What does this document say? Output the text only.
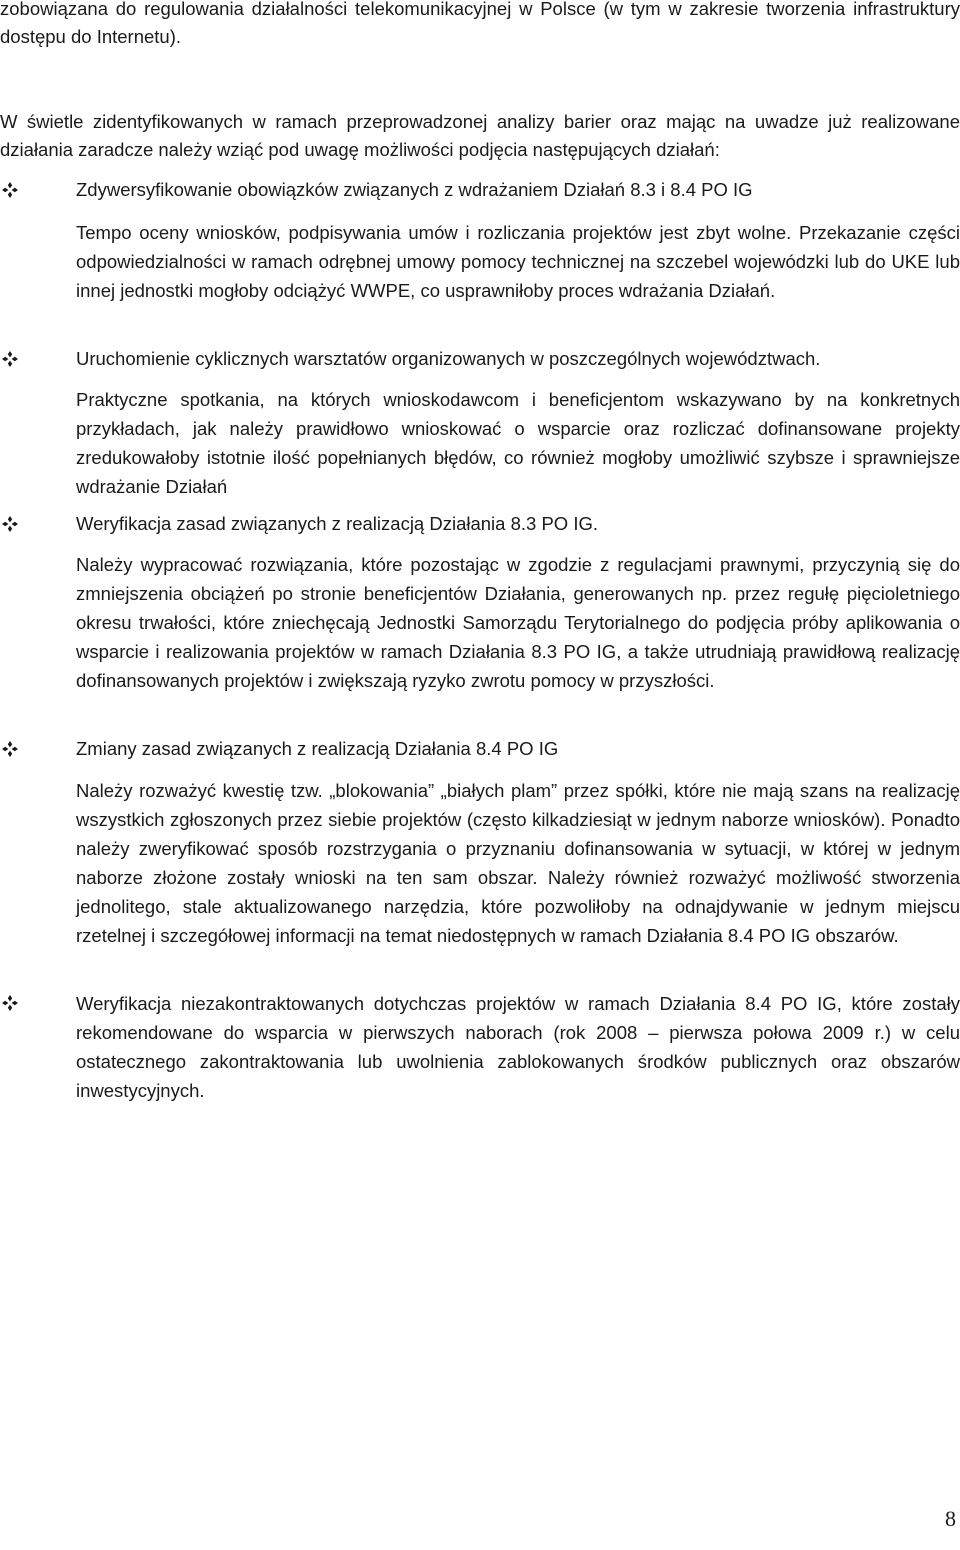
zobowiązana do regulowania działalności telekomunikacyjnej w Polsce (w tym w zakresie tworzenia infrastruktury dostępu do Internetu).

W świetle zidentyfikowanych w ramach przeprowadzonej analizy barier oraz mając na uwadze już realizowane działania zaradcze należy wziąć pod uwagę możliwości podjęcia następujących działań:

Zdywersyfikowanie obowiązków związanych z wdrażaniem Działań 8.3 i 8.4 PO IG

Tempo oceny wniosków, podpisywania umów i rozliczania projektów jest zbyt wolne. Przekazanie części odpowiedzialności w ramach odrębnej umowy pomocy technicznej na szczebel wojewódzki lub do UKE lub innej jednostki mogłoby odciążyć WWPE, co usprawniłoby proces wdrażania Działań.

Uruchomienie cyklicznych warsztatów organizowanych w poszczególnych województwach.

Praktyczne spotkania, na których wnioskodawcom i beneficjentom wskazywano by na konkretnych przykładach, jak należy prawidłowo wnioskować o wsparcie oraz rozliczać dofinansowane projekty zredukowałoby istotnie ilość popełnianych błędów, co również mogłoby umożliwić szybsze i sprawniejsze wdrażanie Działań

Weryfikacja zasad związanych z realizacją Działania 8.3 PO IG.

Należy wypracować rozwiązania, które pozostając w zgodzie z regulacjami prawnymi, przyczynią się do zmniejszenia obciążeń po stronie beneficjentów Działania, generowanych np. przez regułę pięcioletniego okresu trwałości, które zniechęcają Jednostki Samorządu Terytorialnego do podjęcia próby aplikowania o wsparcie i realizowania projektów w ramach Działania 8.3 PO IG, a także utrudniają prawidłową realizację dofinansowanych projektów i zwiększają ryzyko zwrotu pomocy w przyszłości.

Zmiany zasad związanych z realizacją Działania 8.4 PO IG

Należy rozważyć kwestię tzw. „blokowania” „białych plam” przez spółki, które nie mają szans na realizację wszystkich zgłoszonych przez siebie projektów (często kilkadziesiąt w jednym naborze wniosków). Ponadto należy zweryfikować sposób rozstrzygania o przyznaniu dofinansowania w sytuacji, w której w jednym naborze złożone zostały wnioski na ten sam obszar. Należy również rozważyć możliwość stworzenia jednolitego, stale aktualizowanego narzędzia, które pozwoliłoby na odnajdywanie w jednym miejscu rzetelnej i szczegółowej informacji na temat niedostępnych w ramach Działania 8.4 PO IG obszarów.

Weryfikacja niezakontraktowanych dotychczas projektów w ramach Działania 8.4 PO IG, które zostały rekomendowane do wsparcia w pierwszych naborach (rok 2008 – pierwsza połowa 2009 r.) w celu ostatecznego zakontraktowania lub uwolnienia zablokowanych środków publicznych oraz obszarów inwestycyjnych.

8
